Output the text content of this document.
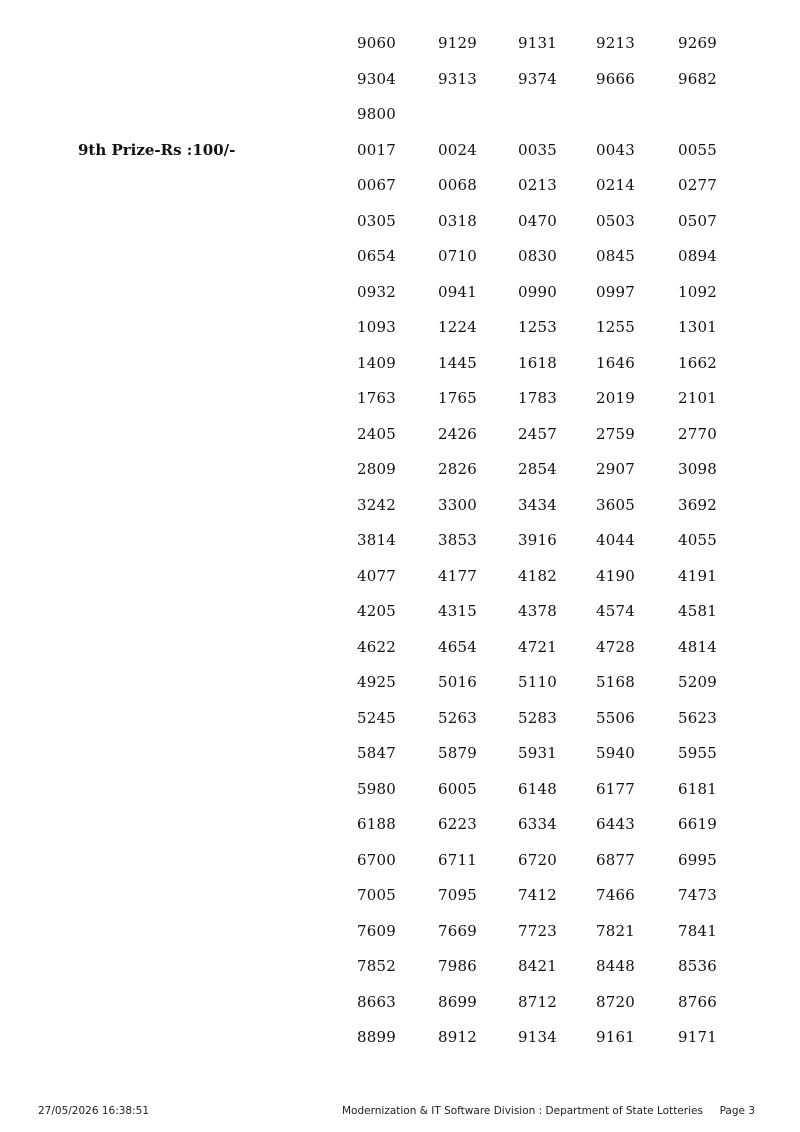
9060	9129	9131	9213	9269
9304	9313	9374	9666	9682
9800
9th Prize-Rs :100/-	0017	0024	0035	0043	0055
0067	0068	0213	0214	0277
0305	0318	0470	0503	0507
0654	0710	0830	0845	0894
0932	0941	0990	0997	1092
1093	1224	1253	1255	1301
1409	1445	1618	1646	1662
1763	1765	1783	2019	2101
2405	2426	2457	2759	2770
2809	2826	2854	2907	3098
3242	3300	3434	3605	3692
3814	3853	3916	4044	4055
4077	4177	4182	4190	4191
4205	4315	4378	4574	4581
4622	4654	4721	4728	4814
4925	5016	5110	5168	5209
5245	5263	5283	5506	5623
5847	5879	5931	5940	5955
5980	6005	6148	6177	6181
6188	6223	6334	6443	6619
6700	6711	6720	6877	6995
7005	7095	7412	7466	7473
7609	7669	7723	7821	7841
7852	7986	8421	8448	8536
8663	8699	8712	8720	8766
8899	8912	9134	9161	9171
27/05/2026 16:38:51	Modernization & IT Software Division : Department of State Lotteries Page 3
